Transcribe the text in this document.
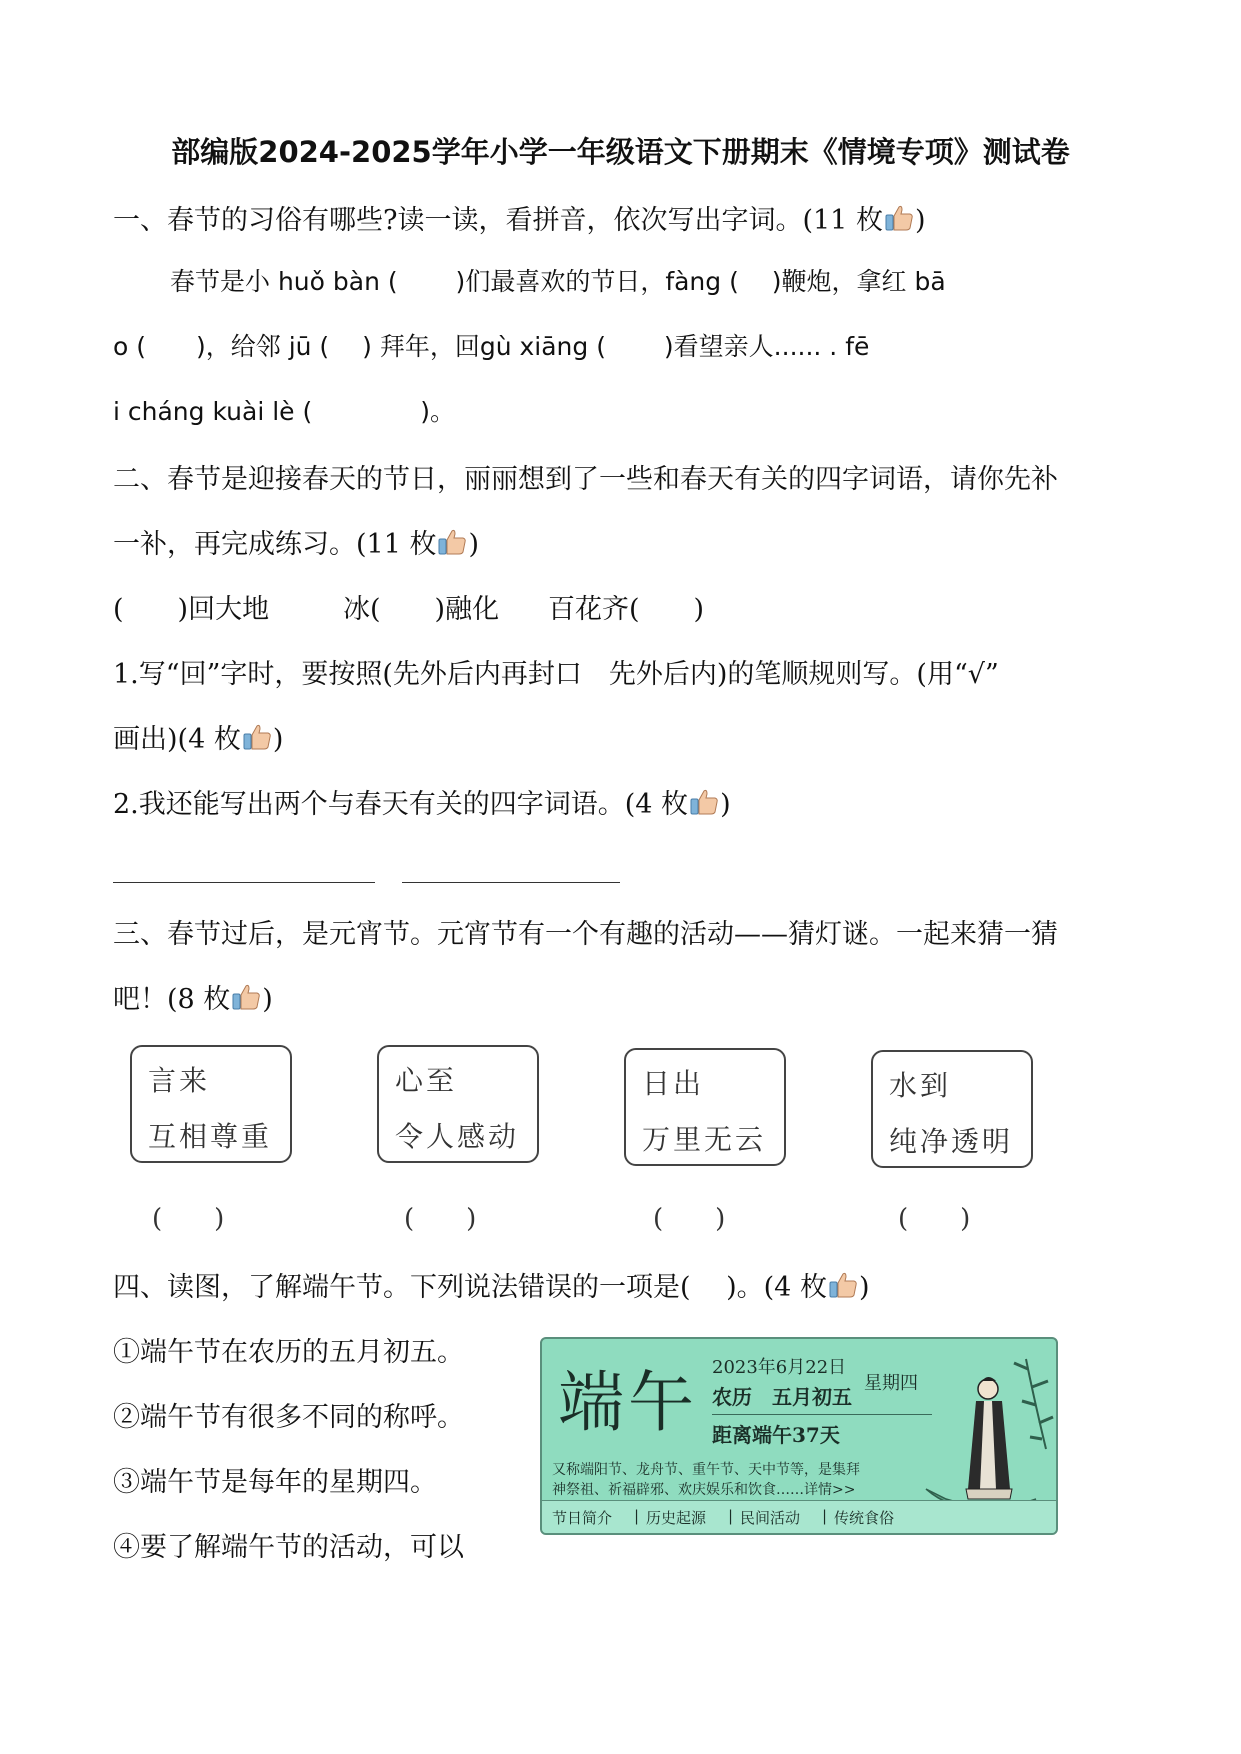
部编版2024-2025学年小学一年级语文下册期末《情境专项》测试卷
一、春节的习俗有哪些?读一读，看拼音，依次写出字词。(11 枚 )
春节是小 huǒ bàn (　　 )们最喜欢的节日，fàng (　 )鞭炮，拿红 bā
o (　　)，给邻 jū (　 ) 拜年，回gù xiāng (　　 )看望亲人...... . fē
i cháng kuài lè (　　　　 )。
二、春节是迎接春天的节日，丽丽想到了一些和春天有关的四字词语，请你先补
一补，再完成练习。(11 枚 )
(　　)回大地	冰(　　)融化 百花齐(　　)
1.写“回”字时，要按照(先外后内再封口　先外后内)的笔顺规则写。(用“√”
画出)(4 枚 )
2.我还能写出两个与春天有关的四字词语。(4 枚 )
三、春节过后，是元宵节。元宵节有一个有趣的活动——猜灯谜。一起来猜一猜
吧！(8 枚 )
言来
互相尊重
心至
令人感动
日出
万里无云
水到
纯净透明
(　　)	(　　)	(　　)	(　　)
四、读图，了解端午节。下列说法错误的一项是(　 )。(4 枚 )
①端午节在农历的五月初五。
②端午节有很多不同的称呼。
③端午节是每年的星期四。
④要了解端午节的活动，可以
端午 2023年6月22日
星期四
农历　五月初五
距离端午37天
又称端阳节、龙舟节、重午节、天中节等，是集拜
神祭祖、祈福辟邪、欢庆娱乐和饮食……详情>>
节日简介 | 历史起源 | 民间活动 | 传统食俗
